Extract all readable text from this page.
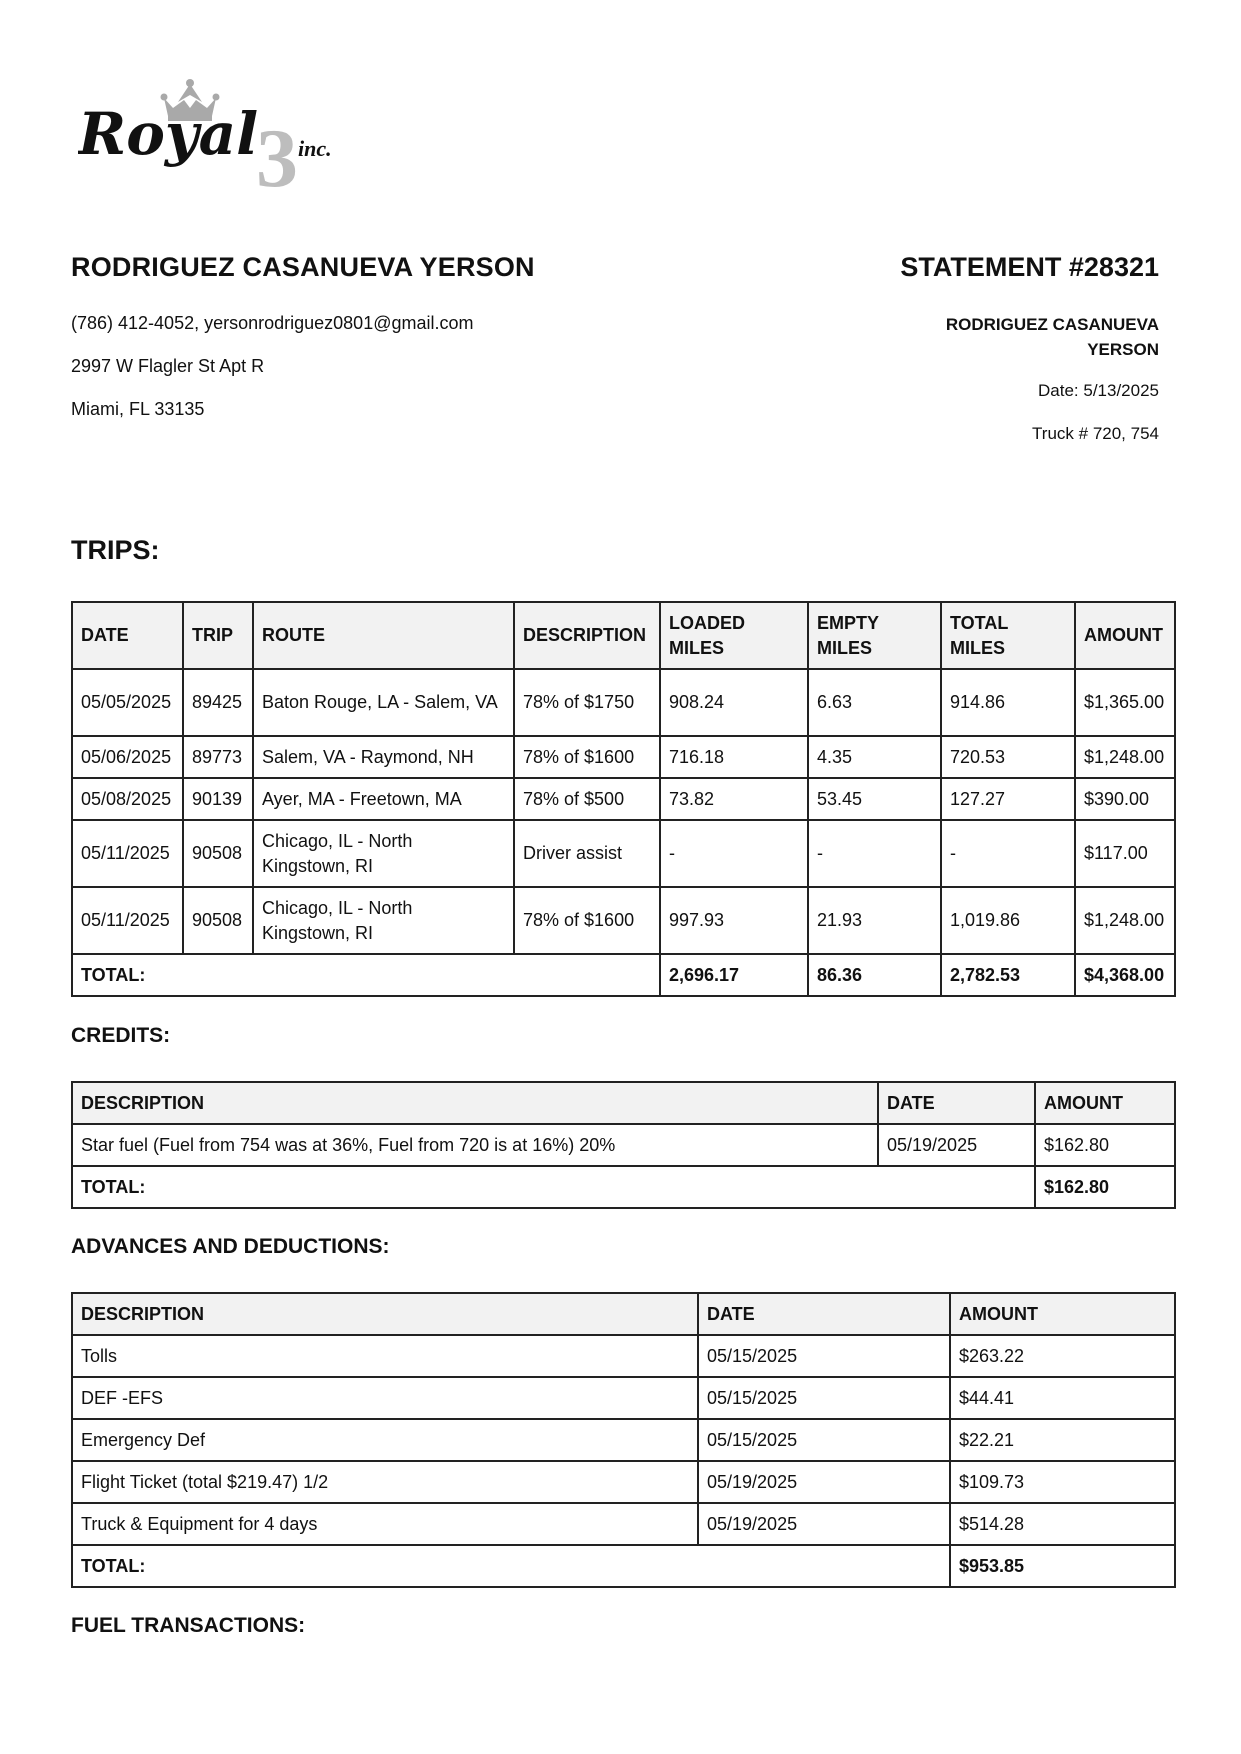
3
Royal inc.
RODRIGUEZ CASANUEVA YERSON
(786) 412-4052, yersonrodriguez0801@gmail.com
2997 W Flagler St Apt R
Miami, FL 33135
STATEMENT #28321
RODRIGUEZ CASANUEVA YERSON
Date: 5/13/2025
Truck # 720, 754
TRIPS:
DATE	TRIP	ROUTE	DESCRIPTION	LOADED MILES	EMPTY MILES	TOTAL MILES	AMOUNT
05/05/2025	89425	Baton Rouge, LA - Salem, VA	78% of $1750	908.24	6.63	914.86	$1,365.00
05/06/2025	89773	Salem, VA - Raymond, NH	78% of $1600	716.18	4.35	720.53	$1,248.00
05/08/2025	90139	Ayer, MA - Freetown, MA	78% of $500	73.82	53.45	127.27	$390.00
05/11/2025	90508	Chicago, IL - North Kingstown, RI	Driver assist	-	-	-	$117.00
05/11/2025	90508	Chicago, IL - North Kingstown, RI	78% of $1600	997.93	21.93	1,019.86	$1,248.00
TOTAL:				2,696.17	86.36	2,782.53	$4,368.00
CREDITS:
DESCRIPTION	DATE	AMOUNT
Star fuel (Fuel from 754 was at 36%, Fuel from 720 is at 16%) 20%	05/19/2025	$162.80
TOTAL:		$162.80
ADVANCES AND DEDUCTIONS:
DESCRIPTION	DATE	AMOUNT
Tolls	05/15/2025	$263.22
DEF -EFS	05/15/2025	$44.41
Emergency Def	05/15/2025	$22.21
Flight Ticket (total $219.47) 1/2	05/19/2025	$109.73
Truck & Equipment for 4 days	05/19/2025	$514.28
TOTAL:		$953.85
FUEL TRANSACTIONS:
